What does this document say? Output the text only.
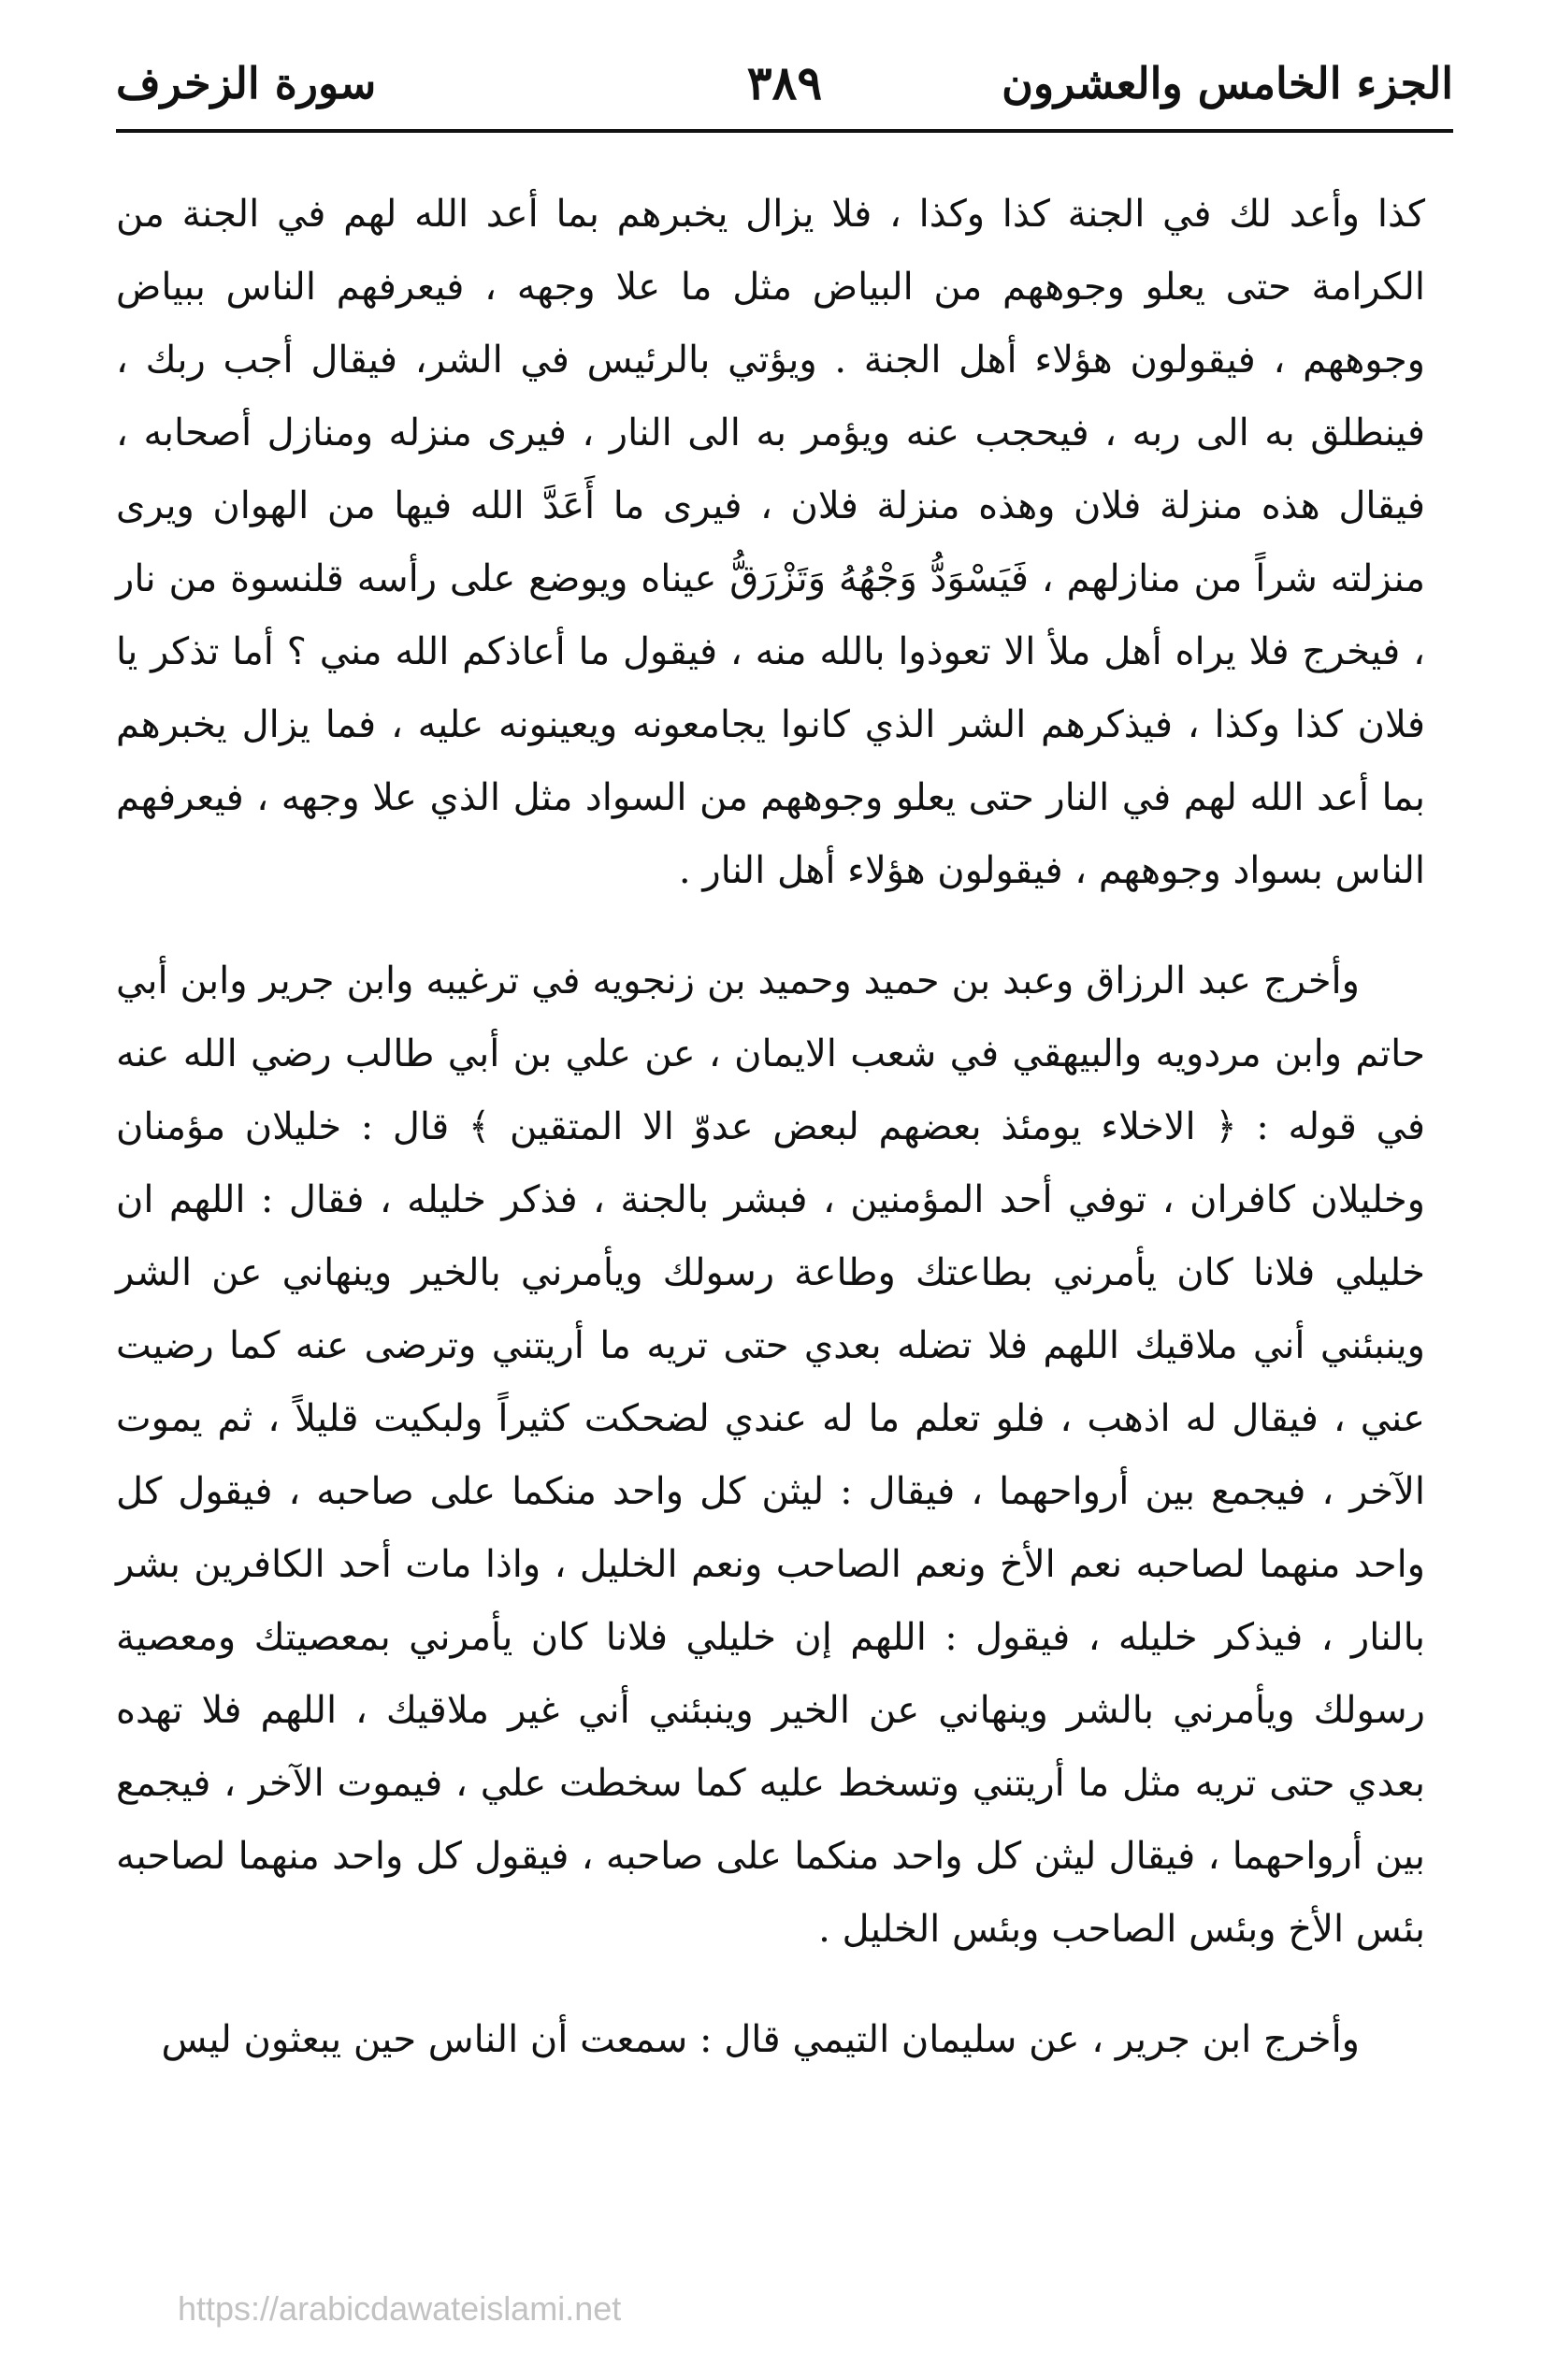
الجزء الخامس والعشرون
٣٨٩
سورة الزخرف

كذا وأعد لك في الجنة كذا وكذا ، فلا يزال يخبرهم بما أعد الله لهم في الجنة من الكرامة حتى يعلو وجوههم من البياض مثل ما علا وجهه ، فيعرفهم الناس ببياض وجوههم ، فيقولون هؤلاء أهل الجنة . ويؤتي بالرئيس في الشر، فيقال أجب ربك ، فينطلق به الى ربه ، فيحجب عنه ويؤمر به الى النار ، فيرى منزله ومنازل أصحابه ، فيقال هذه منزلة فلان وهذه منزلة فلان ، فيرى ما أَعَدَّ الله فيها من الهوان ويرى منزلته شراً من منازلهم ، فَيَسْوَدُّ وَجْهُهُ وَتَزْرَقُّ عيناه ويوضع على رأسه قلنسوة من نار ، فيخرج فلا يراه أهل ملأ الا تعوذوا بالله منه ، فيقول ما أعاذكم الله مني ؟ أما تذكر يا فلان كذا وكذا ، فيذكرهم الشر الذي كانوا يجامعونه ويعينونه عليه ، فما يزال يخبرهم بما أعد الله لهم في النار حتى يعلو وجوههم من السواد مثل الذي علا وجهه ، فيعرفهم الناس بسواد وجوههم ، فيقولون هؤلاء أهل النار .

وأخرج عبد الرزاق وعبد بن حميد وحميد بن زنجويه في ترغيبه وابن جرير وابن أبي حاتم وابن مردويه والبيهقي في شعب الايمان ، عن علي بن أبي طالب رضي الله عنه في قوله : ﴿ الاخلاء يومئذ بعضهم لبعض عدوّ الا المتقين ﴾ قال : خليلان مؤمنان وخليلان كافران ، توفي أحد المؤمنين ، فبشر بالجنة ، فذكر خليله ، فقال : اللهم ان خليلي فلانا كان يأمرني بطاعتك وطاعة رسولك ويأمرني بالخير وينهاني عن الشر وينبئني أني ملاقيك اللهم فلا تضله بعدي حتى تريه ما أريتني وترضى عنه كما رضيت عني ، فيقال له اذهب ، فلو تعلم ما له عندي لضحكت كثيراً ولبكيت قليلاً ، ثم يموت الآخر ، فيجمع بين أرواحهما ، فيقال : ليثن كل واحد منكما على صاحبه ، فيقول كل واحد منهما لصاحبه نعم الأخ ونعم الصاحب ونعم الخليل ، واذا مات أحد الكافرين بشر بالنار ، فيذكر خليله ، فيقول : اللهم إن خليلي فلانا كان يأمرني بمعصيتك ومعصية رسولك ويأمرني بالشر وينهاني عن الخير وينبئني أني غير ملاقيك ، اللهم فلا تهده بعدي حتى تريه مثل ما أريتني وتسخط عليه كما سخطت علي ، فيموت الآخر ، فيجمع بين أرواحهما ، فيقال ليثن كل واحد منكما على صاحبه ، فيقول كل واحد منهما لصاحبه بئس الأخ وبئس الصاحب وبئس الخليل .

وأخرج ابن جرير ، عن سليمان التيمي قال : سمعت أن الناس حين يبعثون ليس

https://arabicdawateislami.net
